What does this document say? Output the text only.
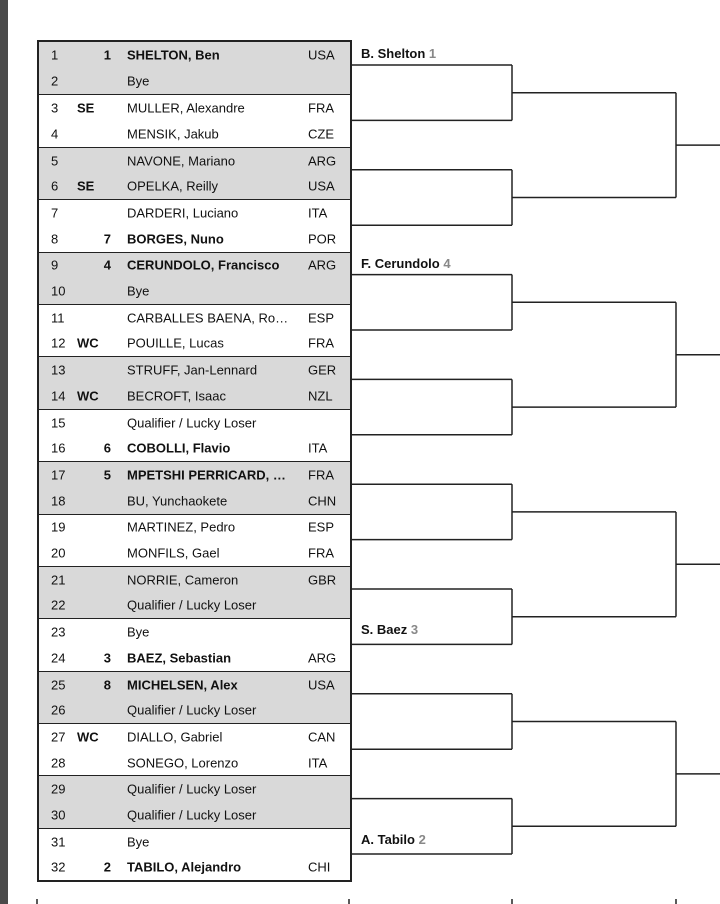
1	1 SHELTON, Ben	USA
2	Bye
3	SE	MULLER, Alexandre	FRA
4	MENSIK, Jakub	CZE
5	NAVONE, Mariano	ARG
6	SE	OPELKA, Reilly	USA
7	DARDERI, Luciano	ITA
8	7 BORGES, Nuno	POR
9	4 CERUNDOLO, Francisco	ARG
10	Bye
11	CARBALLES BAENA, Ro…	ESP
12 WC POUILLE, Lucas	FRA
13	STRUFF, Jan-Lennard	GER
14 WC BECROFT, Isaac	NZL
15	Qualifier / Lucky Loser
16	6 COBOLLI, Flavio	ITA
17	5 MPETSHI PERRICARD, …	FRA
18	BU, Yunchaokete	CHN
19	MARTINEZ, Pedro	ESP
20	MONFILS, Gael	FRA
21	NORRIE, Cameron	GBR
22	Qualifier / Lucky Loser
23	Bye
24	3 BAEZ, Sebastian	ARG
25	8 MICHELSEN, Alex	USA
26	Qualifier / Lucky Loser
27 WC DIALLO, Gabriel	CAN
28	SONEGO, Lorenzo	ITA
29	Qualifier / Lucky Loser
30	Qualifier / Lucky Loser
31	Bye
32	2 TABILO, Alejandro	CHI
B. Shelton 1
F. Cerundolo 4
S. Baez 3
A. Tabilo 2
